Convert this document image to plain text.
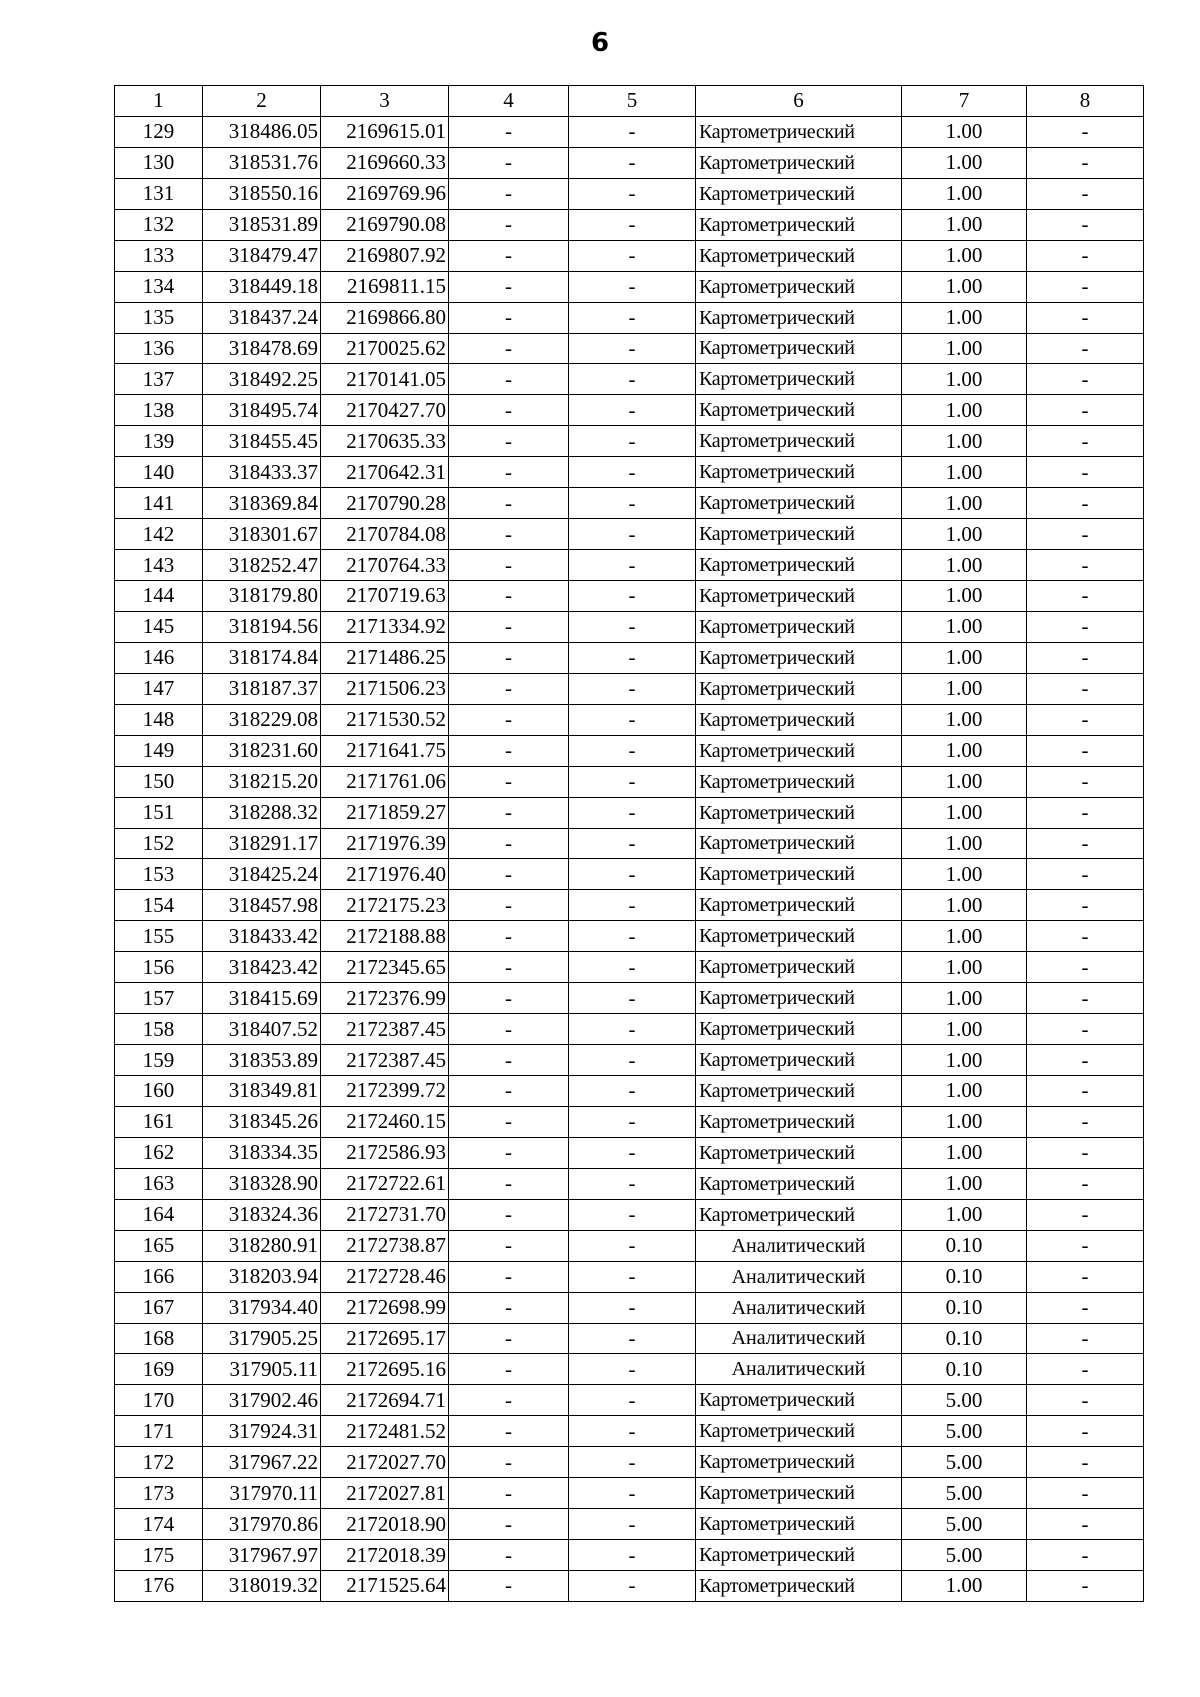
6
1	2	3	4	5	6	7	8
129	318486.05	2169615.01	-	-	Картометрический	1.00	-
130	318531.76	2169660.33	-	-	Картометрический	1.00	-
131	318550.16	2169769.96	-	-	Картометрический	1.00	-
132	318531.89	2169790.08	-	-	Картометрический	1.00	-
133	318479.47	2169807.92	-	-	Картометрический	1.00	-
134	318449.18	2169811.15	-	-	Картометрический	1.00	-
135	318437.24	2169866.80	-	-	Картометрический	1.00	-
136	318478.69	2170025.62	-	-	Картометрический	1.00	-
137	318492.25	2170141.05	-	-	Картометрический	1.00	-
138	318495.74	2170427.70	-	-	Картометрический	1.00	-
139	318455.45	2170635.33	-	-	Картометрический	1.00	-
140	318433.37	2170642.31	-	-	Картометрический	1.00	-
141	318369.84	2170790.28	-	-	Картометрический	1.00	-
142	318301.67	2170784.08	-	-	Картометрический	1.00	-
143	318252.47	2170764.33	-	-	Картометрический	1.00	-
144	318179.80	2170719.63	-	-	Картометрический	1.00	-
145	318194.56	2171334.92	-	-	Картометрический	1.00	-
146	318174.84	2171486.25	-	-	Картометрический	1.00	-
147	318187.37	2171506.23	-	-	Картометрический	1.00	-
148	318229.08	2171530.52	-	-	Картометрический	1.00	-
149	318231.60	2171641.75	-	-	Картометрический	1.00	-
150	318215.20	2171761.06	-	-	Картометрический	1.00	-
151	318288.32	2171859.27	-	-	Картометрический	1.00	-
152	318291.17	2171976.39	-	-	Картометрический	1.00	-
153	318425.24	2171976.40	-	-	Картометрический	1.00	-
154	318457.98	2172175.23	-	-	Картометрический	1.00	-
155	318433.42	2172188.88	-	-	Картометрический	1.00	-
156	318423.42	2172345.65	-	-	Картометрический	1.00	-
157	318415.69	2172376.99	-	-	Картометрический	1.00	-
158	318407.52	2172387.45	-	-	Картометрический	1.00	-
159	318353.89	2172387.45	-	-	Картометрический	1.00	-
160	318349.81	2172399.72	-	-	Картометрический	1.00	-
161	318345.26	2172460.15	-	-	Картометрический	1.00	-
162	318334.35	2172586.93	-	-	Картометрический	1.00	-
163	318328.90	2172722.61	-	-	Картометрический	1.00	-
164	318324.36	2172731.70	-	-	Картометрический	1.00	-
165	318280.91	2172738.87	-	-	Аналитический	0.10	-
166	318203.94	2172728.46	-	-	Аналитический	0.10	-
167	317934.40	2172698.99	-	-	Аналитический	0.10	-
168	317905.25	2172695.17	-	-	Аналитический	0.10	-
169	317905.11	2172695.16	-	-	Аналитический	0.10	-
170	317902.46	2172694.71	-	-	Картометрический	5.00	-
171	317924.31	2172481.52	-	-	Картометрический	5.00	-
172	317967.22	2172027.70	-	-	Картометрический	5.00	-
173	317970.11	2172027.81	-	-	Картометрический	5.00	-
174	317970.86	2172018.90	-	-	Картометрический	5.00	-
175	317967.97	2172018.39	-	-	Картометрический	5.00	-
176	318019.32	2171525.64	-	-	Картометрический	1.00	-
